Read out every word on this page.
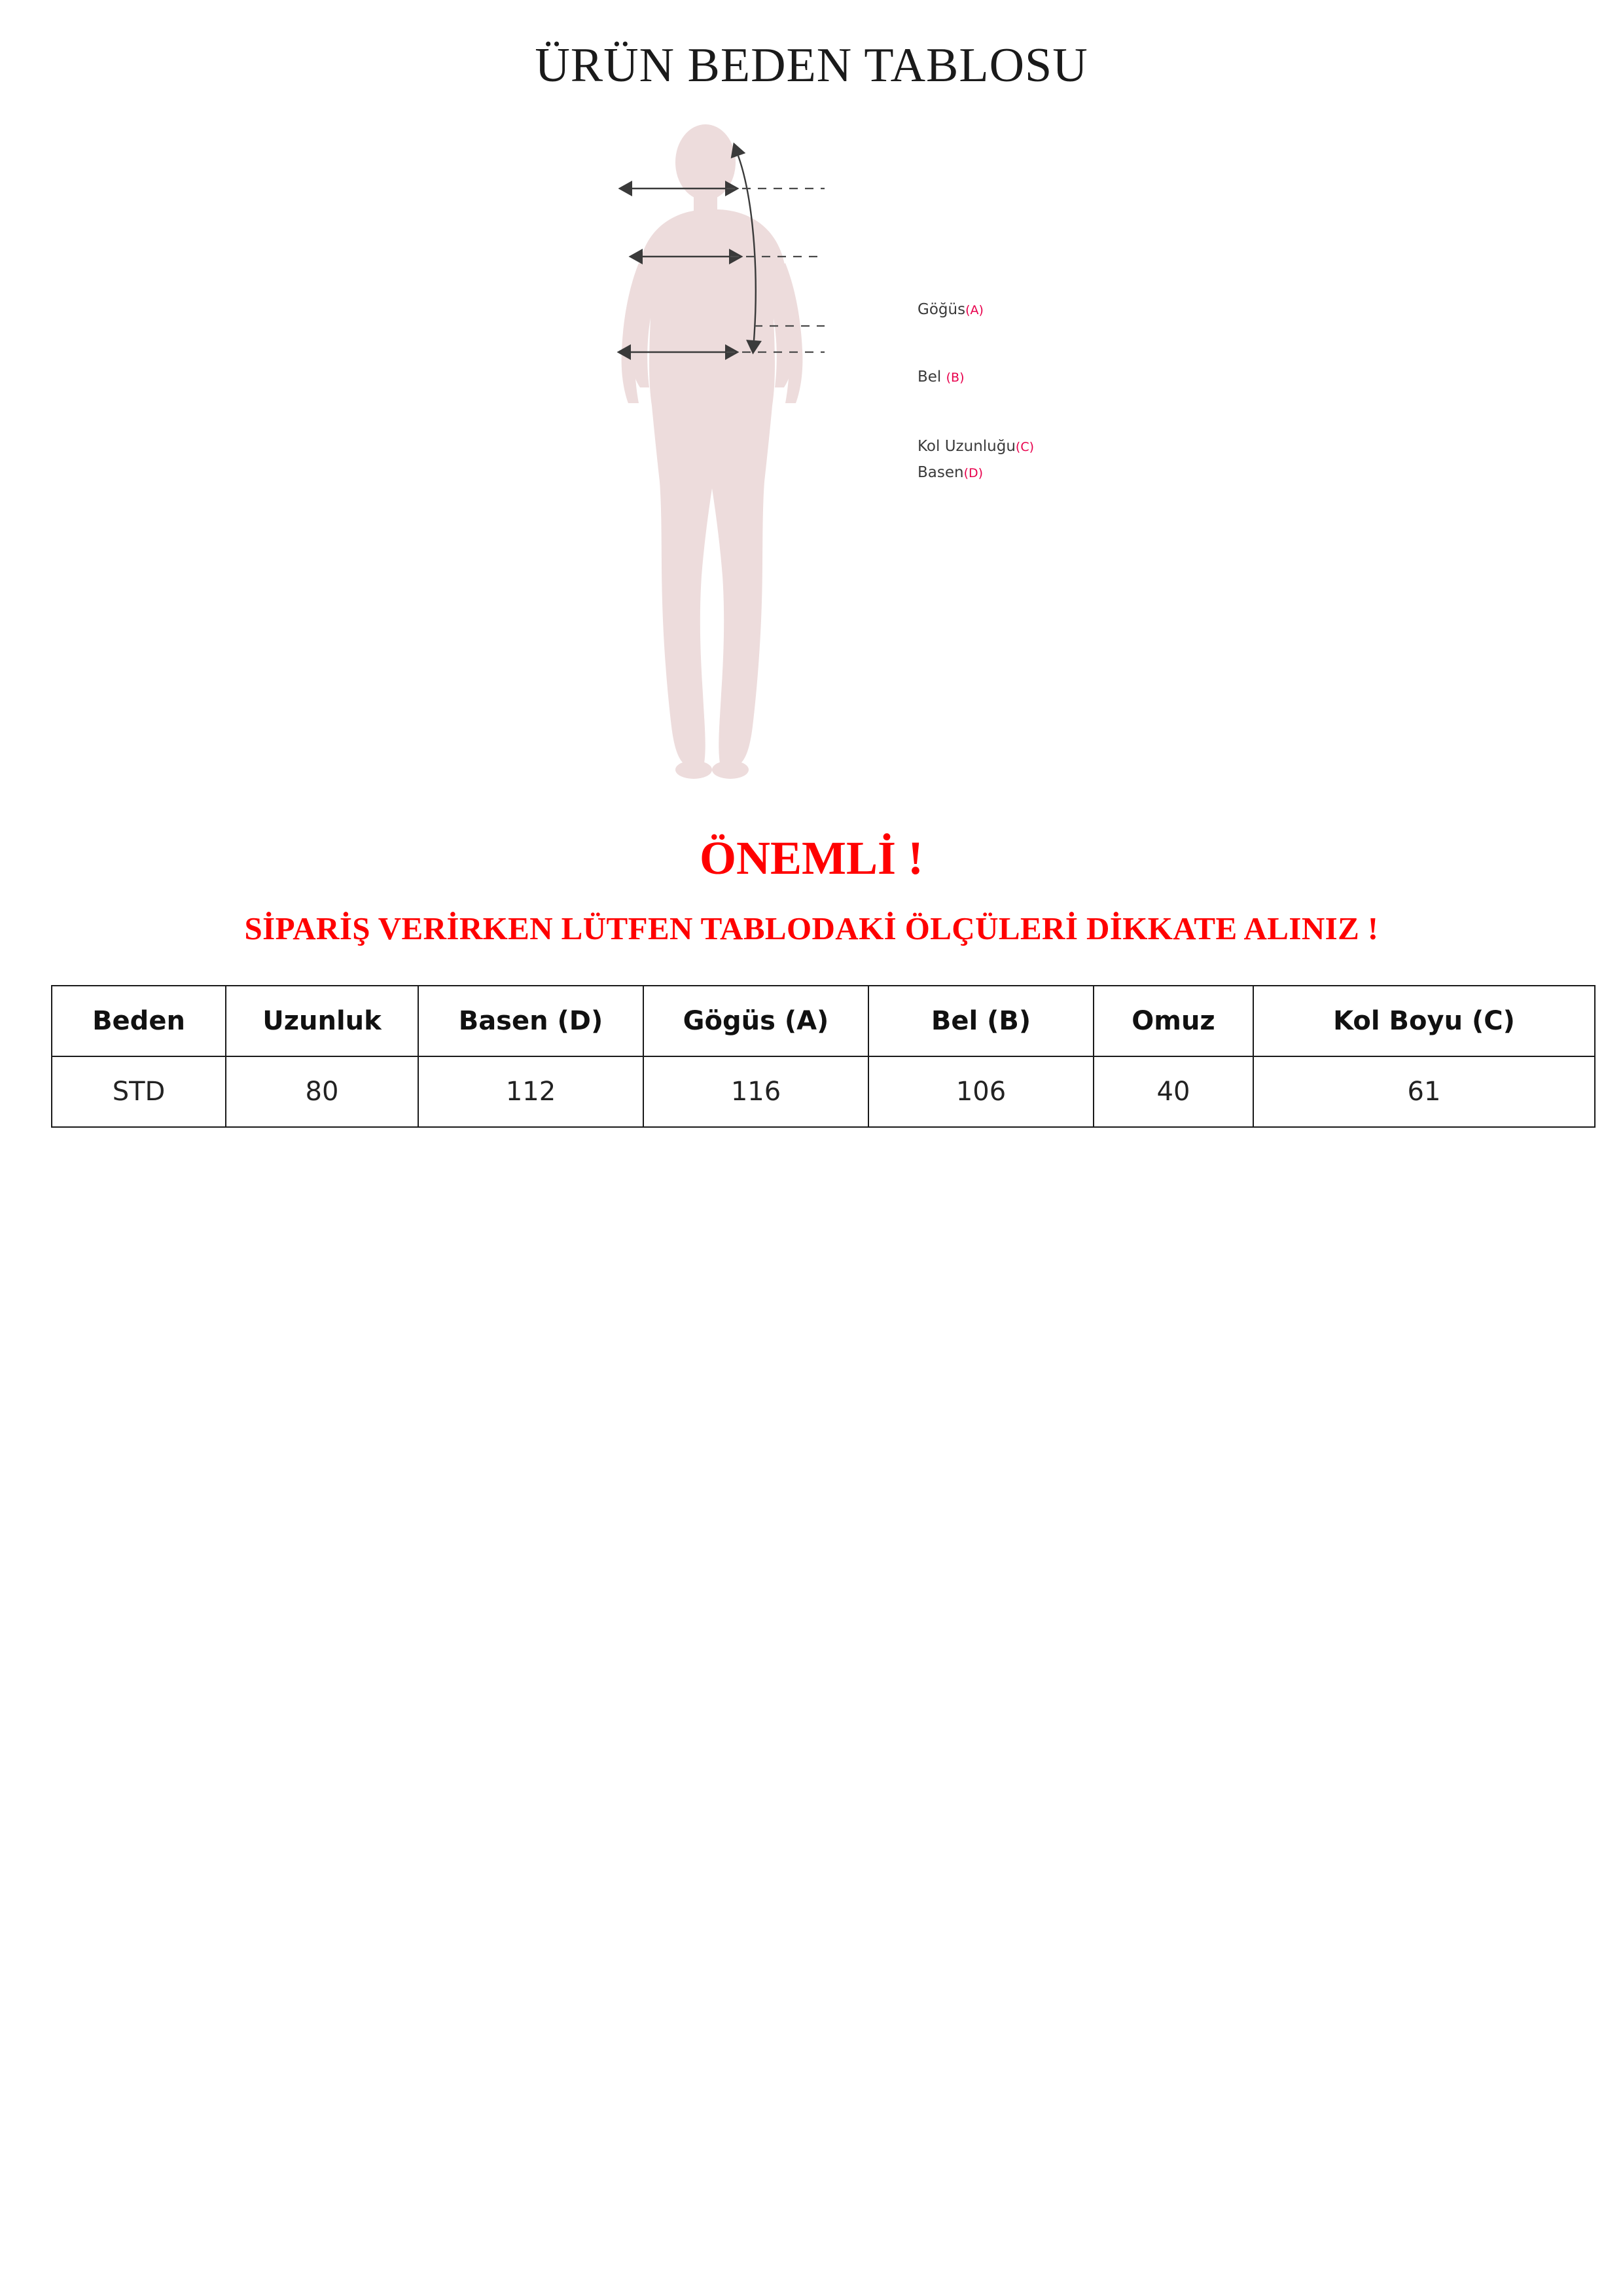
ÜRÜN BEDEN TABLOSU
Göğüs(A)
Bel (B)
Kol Uzunluğu(C)
Basen(D)
ÖNEMLİ !
SİPARİŞ VERİRKEN LÜTFEN TABLODAKİ ÖLÇÜLERİ DİKKATE ALINIZ !
Beden	Uzunluk	Basen (D)	Gögüs (A)	Bel (B)	Omuz	Kol Boyu (C)
STD	80	112	116	106	40	61
